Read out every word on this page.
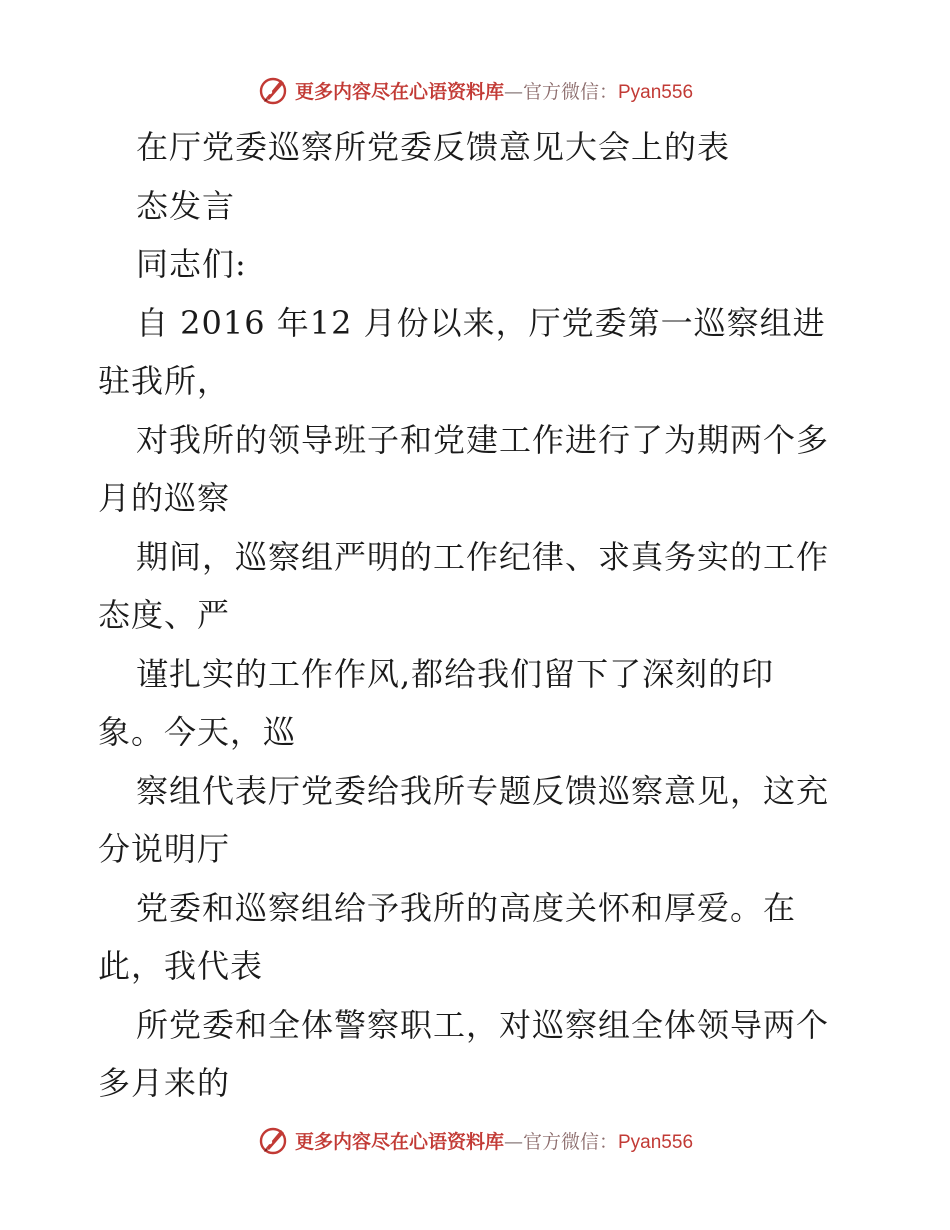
更多内容尽在心语资料库—官方微信：Pyan556
在厅党委巡察所党委反馈意见大会上的表
态发言
同志们:
自 2016 年12 月份以来，厅党委第一巡察组进
驻我所，
对我所的领导班子和党建工作进行了为期两个多
月的巡察
期间，巡察组严明的工作纪律、求真务实的工作
态度、严
谨扎实的工作作风,都给我们留下了深刻的印
象。今天，巡
察组代表厅党委给我所专题反馈巡察意见，这充
分说明厅
党委和巡察组给予我所的高度关怀和厚爱。在
此，我代表
所党委和全体警察职工，对巡察组全体领导两个
多月来的
更多内容尽在心语资料库—官方微信：Pyan556
